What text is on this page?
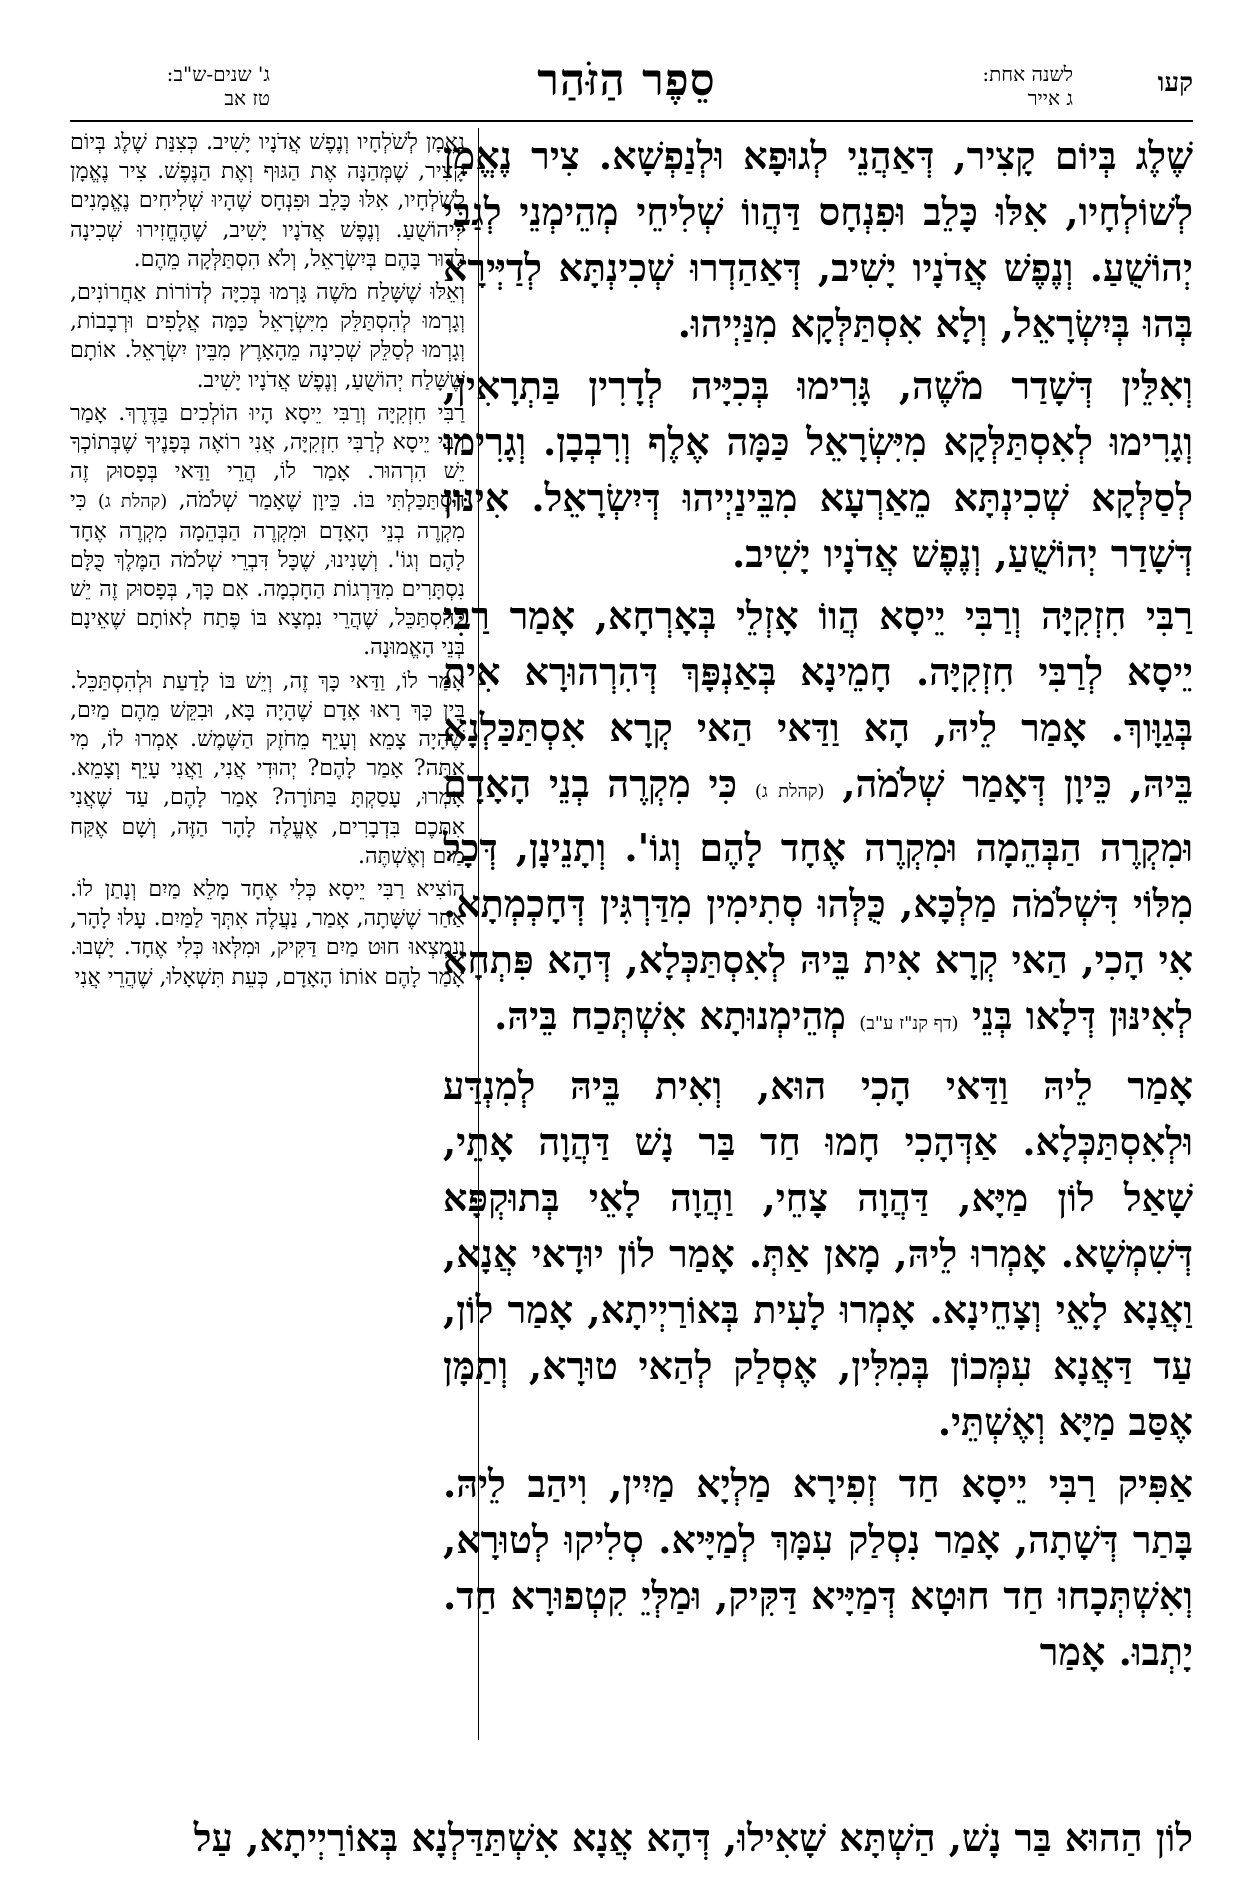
קעו
לשנה אחת:
ג אייר
סֵפֶר הַזֹּהַר
ג' שנים-ש"ב:
טז אב

שֶׁלֶג בְּיוֹם קָצִיר, דְּאַהֲנֵי לְגוּפָא וּלְנַפְשָׁא. צִיר נֶאֱמָן לְשׁוֹלְחָיו, אִלּוּ כָּלֵב וּפִנְחָס דַּהֲווֹ שְׁלִיחֵי מְהֵימְנֵי לְגַבֵּי יְהוֹשֻׁעַ. וְנֶפֶשׁ אֲדֹנָיו יָשִׁיב, דְּאַהַדְרוּ שְׁכִינְתָּא לְדַיְּירָא בְּהוּ בְּיִשְׂרָאֵל, וְלָא אִסְתַּלְּקָא מִנַּיְיהוּ.

וְאִלֵּין דְּשָׁדַר מֹשֶׁה, גָּרִימוּ בְּכִיָּיה לְדָרִין בַּתְרָאִין, וְגָרִימוּ לְאִסְתַּלְּקָא מִיִּשְׂרָאֵל כַּמָּה אֶלֶף וְרִבְבָן. וְגָרִימוּ לְסַלְּקָא שְׁכִינְתָּא מֵאַרְעָא מִבֵּינַיְיהוּ דְּיִשְׂרָאֵל. אִינּוּן דְּשָׁדַר יְהוֹשֻׁעַ, וְנֶפֶשׁ אֲדֹנָיו יָשִׁיב.

רַבִּי חִזְקִיָּה וְרַבִּי יֵיסָא הֲווֹ אָזְלֵי בְּאָרְחָא, אָמַר רַבִּי יֵיסָא לְרַבִּי חִזְקִיָּה. חָמֵינָא בְּאַנְפָּךְ דְּהִרְהוּרָא אִית בְּגַוָּוךְ. אָמַר לֵיהּ, הָא וַדַּאי הַאי קְרָא אִסְתַּכַּלְנָא בֵּיהּ, כֵּיוָן דְּאָמַר שְׁלֹמֹה, (קהלת ג) כִּי מִקְרֶה בְנֵי הָאָדָם וּמִקְרֶה הַבְּהֵמָה וּמִקְרֶה אֶחָד לָהֶם וְגוֹ'. וְתָנֵינָן, דְּכָל מִלּוֹי דִּשְׁלֹמֹה מַלְכָּא, כֻּלְּהוּ סְתִימִין מִדַּרְגִּין דְּחָכְמְתָא. אִי הָכִי, הַאי קְרָא אִית בֵּיהּ לְאִסְתַּכְּלָא, דְּהָא פִּתְחָא לְאִינּוּן דְּלָאו בְּנֵי (דף קנ"ז ע"ב) מְהֵימְנוּתָא אִשְׁתְּכַח בֵּיהּ.

אָמַר לֵיהּ וַדַּאי הָכִי הוּא, וְאִית בֵּיהּ לְמִנְדַּע וּלְאִסְתַּכְּלָא. אַדְּהָכִי חָמוּ חַד בַּר נָשׁ דַּהֲוָה אָתֵי, שָׁאַל לוֹן מַיָּא, דַּהֲוָה צָחֵי, וַהֲוָה לָאֵי בְּתוּקְפָּא דְּשִׁמְשָׁא. אָמְרוּ לֵיהּ, מָאן אַתְּ. אָמַר לוֹן יוּדָאי אֲנָא, וַאֲנָא לָאֵי וְצָחֵינָא. אָמְרוּ לָעִית בְּאוֹרַיְיתָא, אָמַר לוֹן, עַד דַּאֲנָא עִמְּכוֹן בְּמִלִּין, אֶסְלַק לְהַאי טוּרָא, וְתַמָּן אֶסַּב מַיָּא וְאֶשְׁתֵּי.

אַפִּיק רַבִּי יֵיסָא חַד זְפִירָא מַלְיָא מַיִין, וִיהַב לֵיהּ. בָּתַר דְּשָׁתָה, אָמַר נִסְלַק עִמָּךְ לְמַיָּיא. סְלִיקוּ לְטוּרָא, וְאִשְׁתְּכָחוּ חַד חוּטָא דְּמַיָּיא דַּקִּיק, וּמַלְּיֵ קִטְפוּרָא חַד. יָתְבוּ. אָמַר

נֶאֱמָן לְשֹׁלְחָיו וְנֶפֶשׁ אֲדֹנָיו יָשִׁיב. כְּצִנַּת שֶׁלֶג בְּיוֹם קָצִיר, שֶׁמְּהַנָּה אֶת הַגּוּף וְאֶת הַנֶּפֶשׁ. צִיר נֶאֱמָן לְשֹׁלְחָיו, אִלּוּ כָּלֵב וּפִנְחָס שֶׁהָיוּ שְׁלִיחִים נֶאֱמָנִים לִיהוֹשֻׁעַ. וְנֶפֶשׁ אֲדֹנָיו יָשִׁיב, שֶׁהֶחֱזִירוּ שְׁכִינָה לָדוּר בָּהֶם בְּיִשְׂרָאֵל, וְלֹא הִסְתַּלְּקָה מֵהֶם.

וְאֵלּוּ שֶׁשָּׁלַח מֹשֶׁה גָּרְמוּ בְּכִיָּה לְדוֹרוֹת אַחֲרוֹנִים, וְגָרְמוּ לְהִסְתַּלֵּק מִיִּשְׂרָאֵל כַּמָּה אֲלָפִים וּרְבָבוֹת, וְגָרְמוּ לְסַלֵּק שְׁכִינָה מֵהָאָרֶץ מִבֵּין יִשְׂרָאֵל. אוֹתָם שֶׁשָּׁלַח יְהוֹשֻׁעַ, וְנֶפֶשׁ אֲדֹנָיו יָשִׁיב.

רַבִּי חִזְקִיָּה וְרַבִּי יֵיסָא הָיוּ הוֹלְכִים בַּדֶּרֶךְ. אָמַר רַבִּי יֵיסָא לְרַבִּי חִזְקִיָּה, אֲנִי רוֹאֶה בְּפָנֶיךָ שֶׁבְּתוֹכְךָ יֵשׁ הִרְהוּר. אָמַר לוֹ, הֲרֵי וַדַּאי בְּפָסוּק זֶה הִסְתַּכַּלְתִּי בּוֹ. כֵּיוָן שֶׁאָמַר שְׁלֹמֹה, (קהלת ג) כִּי מִקְרֶה בְנֵי הָאָדָם וּמִקְרֶה הַבְּהֵמָה מִקְרֶה אֶחָד לָהֶם וְגוֹ'. וְשָׁנִינוּ, שֶׁכָּל דִּבְרֵי שְׁלֹמֹה הַמֶּלֶךְ כֻּלָּם נִסְתָּרִים מִדַּרְגוֹת הַחָכְמָה. אִם כָּךְ, בְּפָסוּק זֶה יֵשׁ לְהִסְתַּכֵּל, שֶׁהֲרֵי נִמְצָא בּוֹ פֶּתַח לְאוֹתָם שֶׁאֵינָם בְּנֵי הָאֱמוּנָה.

אָמַר לוֹ, וַדַּאי כָּךְ זֶה, וְיֵשׁ בּוֹ לָדַעַת וּלְהִסְתַּכֵּל. בֵּין כָּךְ רָאוּ אָדָם שֶׁהָיָה בָּא, וּבִקֵּשׁ מֵהֶם מַיִם, שֶׁהָיָה צָמֵא וְעָיֵף מֵחֹזֶק הַשֶּׁמֶשׁ. אָמְרוּ לוֹ, מִי אַתָּה? אָמַר לָהֶם? יְהוּדִי אֲנִי, וַאֲנִי עָיֵף וְצָמֵא. אָמְרוּ, עָסַקְתָּ בַּתּוֹרָה? אָמַר לָהֶם, עַד שֶׁאֲנִי אִתְּכֶם בִּדְבָרִים, אֶעֱלֶה לָהָר הַזֶּה, וְשָׁם אֶקַּח מַיִם וְאֶשְׁתֶּה.

הוֹצִיא רַבִּי יֵיסָא כְּלִי אֶחָד מָלֵא מַיִם וְנָתַן לוֹ. אַחַר שֶׁשָּׁתָה, אָמַר, נַעֲלֶה אִתְּךָ לַמַּיִם. עָלוּ לָהָר, וְנִמְצְאוּ חוּט מַיִם דַּקִּיק, וּמִלְּאוּ כְּלִי אֶחָד. יָשְׁבוּ. אָמַר לָהֶם אוֹתוֹ הָאָדָם, כְּעֵת תִּשְׁאָלוּ, שֶׁהֲרֵי אֲנִי

לוֹן הַהוּא בַּר נָשׁ, הַשְׁתָּא שָׁאִילוּ, דְּהָא אֲנָא אִשְׁתַּדַּלְנָא בְּאוֹרַיְיתָא, עַל
